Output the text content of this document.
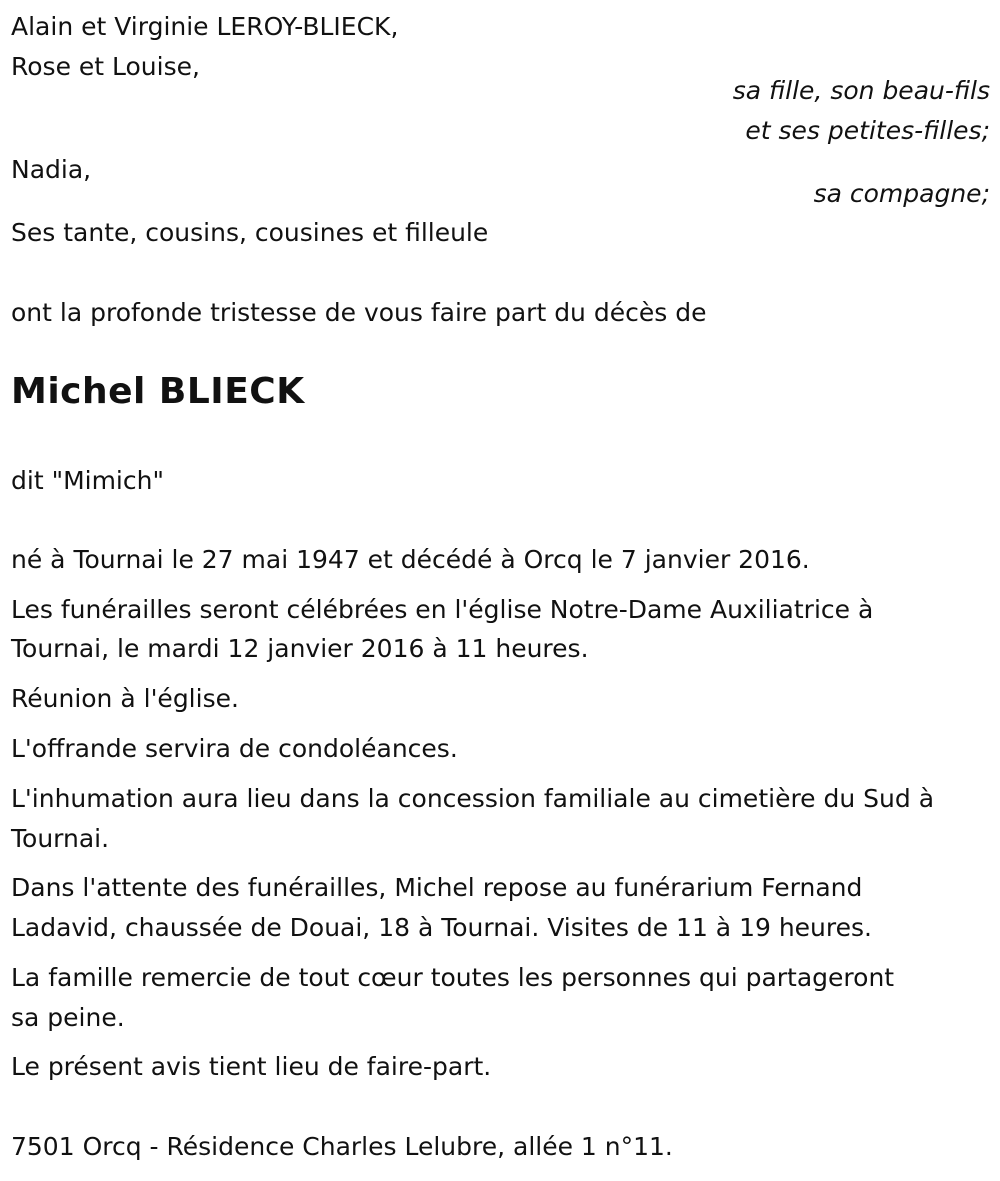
Alain et Virginie LEROY-BLIECK,
Rose et Louise,
sa fille, son beau-fils
et ses petites-filles;
Nadia,
sa compagne;
Ses tante, cousins, cousines et filleule
ont la profonde tristesse de vous faire part du décès de
Michel BLIECK
dit "Mimich"
né à Tournai le 27 mai 1947 et décédé à Orcq le 7 janvier 2016.
Les funérailles seront célébrées en l'église Notre-Dame Auxiliatrice à
Tournai, le mardi 12 janvier 2016 à 11 heures.
Réunion à l'église.
L'offrande servira de condoléances.
L'inhumation aura lieu dans la concession familiale au cimetière du Sud à
Tournai.
Dans l'attente des funérailles, Michel repose au funérarium Fernand
Ladavid, chaussée de Douai, 18 à Tournai. Visites de 11 à 19 heures.
La famille remercie de tout cœur toutes les personnes qui partageront
sa peine.
Le présent avis tient lieu de faire-part.
7501 Orcq - Résidence Charles Lelubre, allée 1 n°11.
